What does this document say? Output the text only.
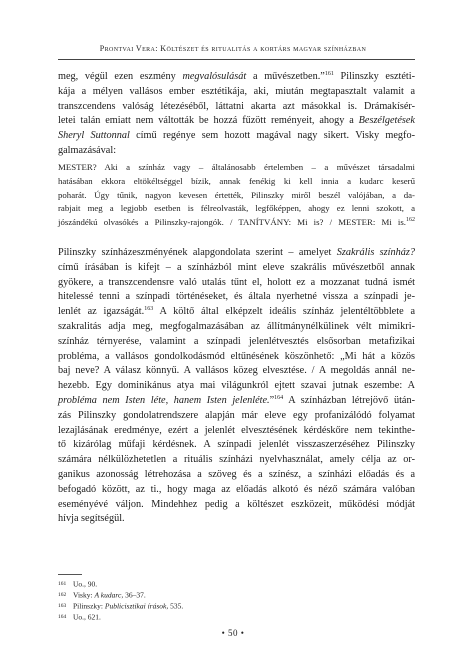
Prontvai Vera: Költészet és ritualitás a kortárs magyar színházban

meg, végül ezen eszmény megvalósulását a művészetben.”$^{161}$ Pilinszky esztéti-
kája a mélyen vallásos ember esztétikája, aki, miután megtapasztalt valamit a
transzcendens valóság létezéséből, láttatni akarta azt másokkal is. Drámakísér-
letei talán emiatt nem váltották be hozzá fűzött reményeit, ahogy a Beszélgetések
Sheryl Suttonnal című regénye sem hozott magával nagy sikert. Visky megfo-
galmazásával:

MESTER? Aki a színház vagy – általánosabb értelemben – a művészet társadalmi
hatásában ekkora eltökéltséggel bízik, annak fenékig ki kell innia a kudarc keserű
poharát. Úgy tűnik, nagyon kevesen értették, Pilinszky miről beszél valójában, a da-
rabjait meg a legjobb esetben is félreolvasták, legfőképpen, ahogy ez lenni szokott, a
jószándékú olvasókés a Pilinszky-rajongók. / TANÍTVÁNY: Mi is? / MESTER: Mi is.$^{162}$

Pilinszky színházeszményének alapgondolata szerint – amelyet Szakrális színház?
című írásában is kifejt – a színházból mint eleve szakrális művészetből annak
gyökere, a transzcendensre való utalás tűnt el, holott ez a mozzanat tudná ismét
hitelessé tenni a színpadi történéseket, és általa nyerhetné vissza a színpadi je-
lenlét az igazságát.$^{163}$ A költő által elképzelt ideális színház jelentéltöbblete a
szakralitás adja meg, megfogalmazásában az állítmánynélkülinek vélt mimikri-
színház térnyerése, valamint a színpadi jelenlétvesztés elsősorban metafizikai
probléma, a vallásos gondolkodásmód eltűnésének köszönhető: „Mi hát a közös
baj neve? A válasz könnyű. A vallásos közeg elvesztése. / A megoldás annál ne-
hezebb. Egy dominikánus atya mai világunkról ejtett szavai jutnak eszembe: A
probléma nem Isten léte, hanem Isten jelenléte.”$^{164}$ A színházban létrejövő ütán-
zás Pilinszky gondolatrendszere alapján már eleve egy profanizálódó folyamat
lezajlásának eredménye, ezért a jelenlét elvesztésének kérdéskőre nem tekinthe-
tő kizárólag műfaji kérdésnek. A színpadi jelenlét visszaszerzéséhez Pilinszky
számára nélkülözhetetlen a rituális színházi nyelvhasználat, amely célja az or-
ganikus azonosság létrehozása a szöveg és a színész, a színházi előadás és a
befogadó között, az ti., hogy maga az előadás alkotó és néző számára valóban
eseményévé váljon. Mindehhez pedig a költészet eszközeit, működési módját
hívja segítségül.

161 Uo., 90.
162 Visky: A kudarc, 36–37.
163 Pilinszky: Publicisztikai írások, 535.
164 Uo., 621.
• 50 •
